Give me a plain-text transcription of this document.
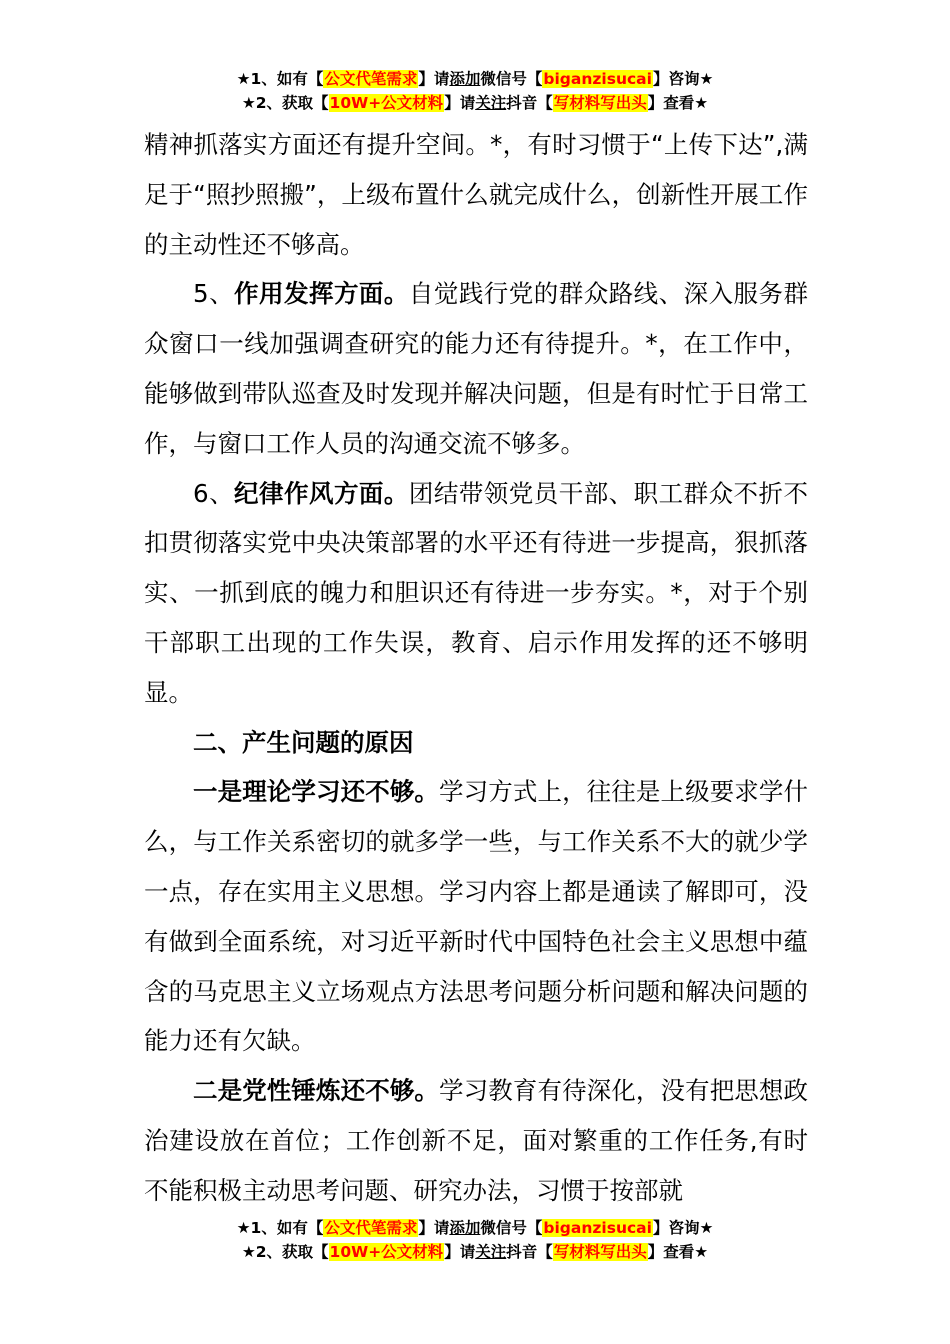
★1、如有【公文代笔需求】请添加微信号【biganzisucai】咨询★
★2、获取【10W+公文材料】请关注抖音【写材料写出头】查看★

精神抓落实方面还有提升空间。*，有时习惯于“上传下达”,满足于“照抄照搬”，上级布置什么就完成什么，创新性开展工作的主动性还不够高。

5、作用发挥方面。自觉践行党的群众路线、深入服务群众窗口一线加强调查研究的能力还有待提升。*，在工作中，能够做到带队巡查及时发现并解决问题，但是有时忙于日常工作，与窗口工作人员的沟通交流不够多。

6、纪律作风方面。团结带领党员干部、职工群众不折不扣贯彻落实党中央决策部署的水平还有待进一步提高，狠抓落实、一抓到底的魄力和胆识还有待进一步夯实。*，对于个别干部职工出现的工作失误，教育、启示作用发挥的还不够明显。

二、产生问题的原因

一是理论学习还不够。学习方式上，往往是上级要求学什么，与工作关系密切的就多学一些，与工作关系不大的就少学一点，存在实用主义思想。学习内容上都是通读了解即可，没有做到全面系统，对习近平新时代中国特色社会主义思想中蕴含的马克思主义立场观点方法思考问题分析问题和解决问题的能力还有欠缺。

二是党性锤炼还不够。学习教育有待深化，没有把思想政治建设放在首位；工作创新不足，面对繁重的工作任务,有时不能积极主动思考问题、研究办法，习惯于按部就

★1、如有【公文代笔需求】请添加微信号【biganzisucai】咨询★
★2、获取【10W+公文材料】请关注抖音【写材料写出头】查看★
